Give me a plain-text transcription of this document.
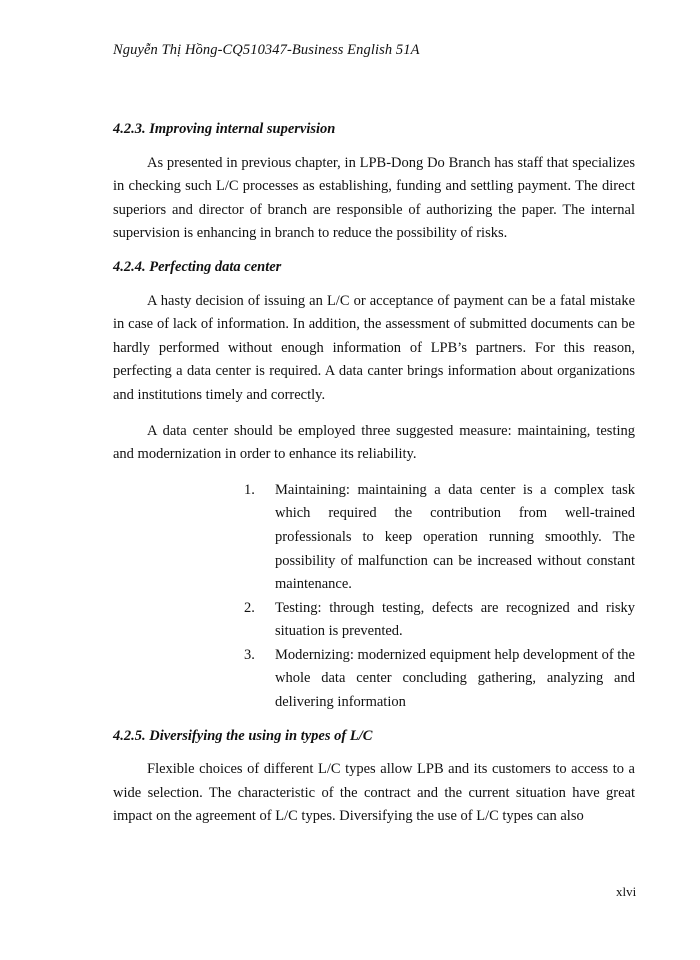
Nguyễn Thị Hồng-CQ510347-Business English 51A
4.2.3. Improving internal supervision

As presented in previous chapter, in LPB-Dong Do Branch has staff that specializes in checking such L/C processes as establishing, funding and settling payment. The direct superiors and director of branch are responsible of authorizing the paper. The internal supervision is enhancing in branch to reduce the possibility of risks.

4.2.4. Perfecting data center

A hasty decision of issuing an L/C or acceptance of payment can be a fatal mistake in case of lack of information. In addition, the assessment of submitted documents can be hardly performed without enough information of LPB’s partners. For this reason, perfecting a data center is required. A data canter brings information about organizations and institutions timely and correctly.

A data center should be employed three suggested measure: maintaining, testing and modernization in order to enhance its reliability.

1. Maintaining: maintaining a data center is a complex task which required the contribution from well-trained professionals to keep operation running smoothly. The possibility of malfunction can be increased without constant maintenance.
2. Testing: through testing, defects are recognized and risky situation is prevented.
3. Modernizing: modernized equipment help development of the whole data center concluding gathering, analyzing and delivering information
4.2.5. Diversifying the using in types of L/C

Flexible choices of different L/C types allow LPB and its customers to access to a wide selection. The characteristic of the contract and the current situation have great impact on the agreement of L/C types. Diversifying the use of L/C types can also

xlvi
